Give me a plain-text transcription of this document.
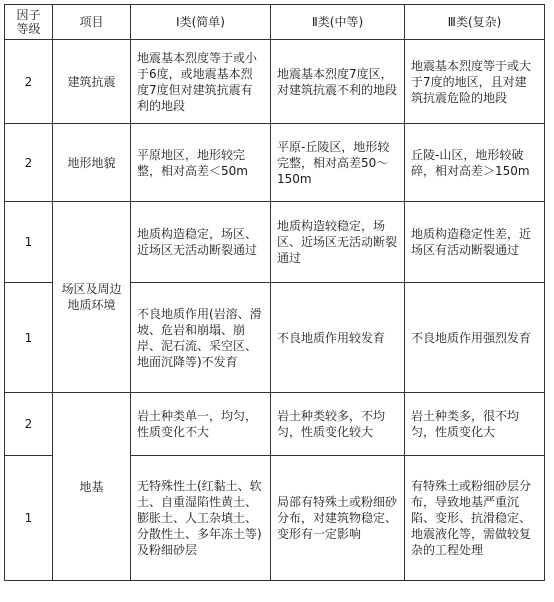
因子等级	项目	Ⅰ类(简单)	Ⅱ类(中等)	Ⅲ类(复杂)
2	建筑抗震	地震基本烈度等于或小于6度，或地震基本烈度7度但对建筑抗震有利的地段	地震基本烈度7度区，对建筑抗震不利的地段	地震基本烈度等于或大于7度的地区，且对建筑抗震危险的地段
2	地形地貌	平原地区，地形较完整，相对高差＜50m	平原-丘陵区，地形较完整，相对高差50～150m	丘陵-山区，地形较破碎，相对高差＞150m
1	场区及周边地质环境	地质构造稳定，场区、近场区无活动断裂通过	地质构造较稳定，场区、近场区无活动断裂通过	地质构造稳定性差，近场区有活动断裂通过
1		不良地质作用(岩溶、滑坡、危岩和崩塌、崩岸、泥石流、采空区、地面沉降等)不发育	不良地质作用较发育	不良地质作用强烈发育
2	地基	岩土种类单一，均匀，性质变化不大	岩土种类较多，不均匀，性质变化较大	岩土种类多，很不均匀，性质变化大
1		无特殊性土(红黏土、软土、自重湿陷性黄土、膨胀土、人工杂填土、分散性土、多年冻土等)及粉细砂层	局部有特殊土或粉细砂分布，对建筑物稳定、变形有一定影响	有特殊土或粉细砂层分布，导致地基严重沉陷、变形、抗滑稳定、地震液化等，需做较复杂的工程处理
